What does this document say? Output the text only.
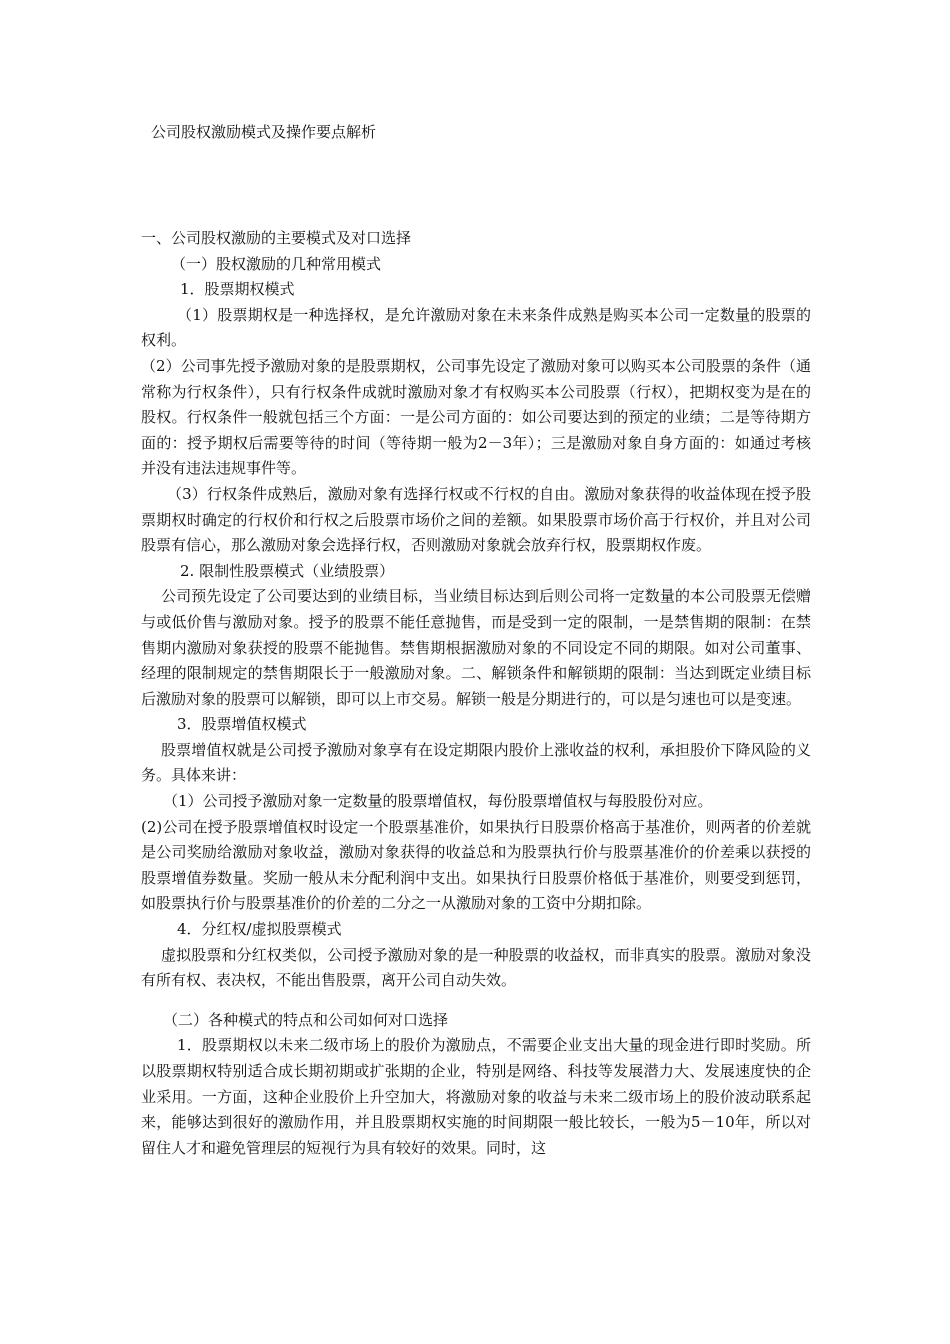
公司股权激励模式及操作要点解析

一、公司股权激励的主要模式及对口选择

（一）股权激励的几种常用模式

1．股票期权模式

（1）股票期权是一种选择权，是允许激励对象在未来条件成熟是购买本公司一定数量的股票的权利。

（2）公司事先授予激励对象的是股票期权，公司事先设定了激励对象可以购买本公司股票的条件（通常称为行权条件），只有行权条件成就时激励对象才有权购买本公司股票（行权），把期权变为是在的股权。行权条件一般就包括三个方面：一是公司方面的：如公司要达到的预定的业绩；二是等待期方面的：授予期权后需要等待的时间（等待期一般为2－3年）；三是激励对象自身方面的：如通过考核并没有违法违规事件等。

（3）行权条件成熟后，激励对象有选择行权或不行权的自由。激励对象获得的收益体现在授予股票期权时确定的行权价和行权之后股票市场价之间的差额。如果股票市场价高于行权价，并且对公司股票有信心，那么激励对象会选择行权，否则激励对象就会放弃行权，股票期权作废。

2. 限制性股票模式（业绩股票）

公司预先设定了公司要达到的业绩目标，当业绩目标达到后则公司将一定数量的本公司股票无偿赠与或低价售与激励对象。授予的股票不能任意抛售，而是受到一定的限制，一是禁售期的限制：在禁售期内激励对象获授的股票不能抛售。禁售期根据激励对象的不同设定不同的期限。如对公司董事、经理的限制规定的禁售期限长于一般激励对象。二、解锁条件和解锁期的限制：当达到既定业绩目标后激励对象的股票可以解锁，即可以上市交易。解锁一般是分期进行的，可以是匀速也可以是变速。

3．股票增值权模式

股票增值权就是公司授予激励对象享有在设定期限内股价上涨收益的权利，承担股价下降风险的义务。具体来讲：

（1）公司授予激励对象一定数量的股票增值权，每份股票增值权与每股股份对应。

(2)公司在授予股票增值权时设定一个股票基准价，如果执行日股票价格高于基准价，则两者的价差就是公司奖励给激励对象收益，激励对象获得的收益总和为股票执行价与股票基准价的价差乘以获授的股票增值券数量。奖励一般从未分配利润中支出。如果执行日股票价格低于基准价，则要受到惩罚，如股票执行价与股票基准价的价差的二分之一从激励对象的工资中分期扣除。

4．分红权/虚拟股票模式

虚拟股票和分红权类似，公司授予激励对象的是一种股票的收益权，而非真实的股票。激励对象没有所有权、表决权，不能出售股票，离开公司自动失效。

（二）各种模式的特点和公司如何对口选择

1．股票期权以未来二级市场上的股价为激励点，不需要企业支出大量的现金进行即时奖励。所以股票期权特别适合成长期初期或扩张期的企业，特别是网络、科技等发展潜力大、发展速度快的企业采用。一方面，这种企业股价上升空加大，将激励对象的收益与未来二级市场上的股价波动联系起来，能够达到很好的激励作用，并且股票期权实施的时间期限一般比较长，一般为5－10年，所以对留住人才和避免管理层的短视行为具有较好的效果。同时，这
